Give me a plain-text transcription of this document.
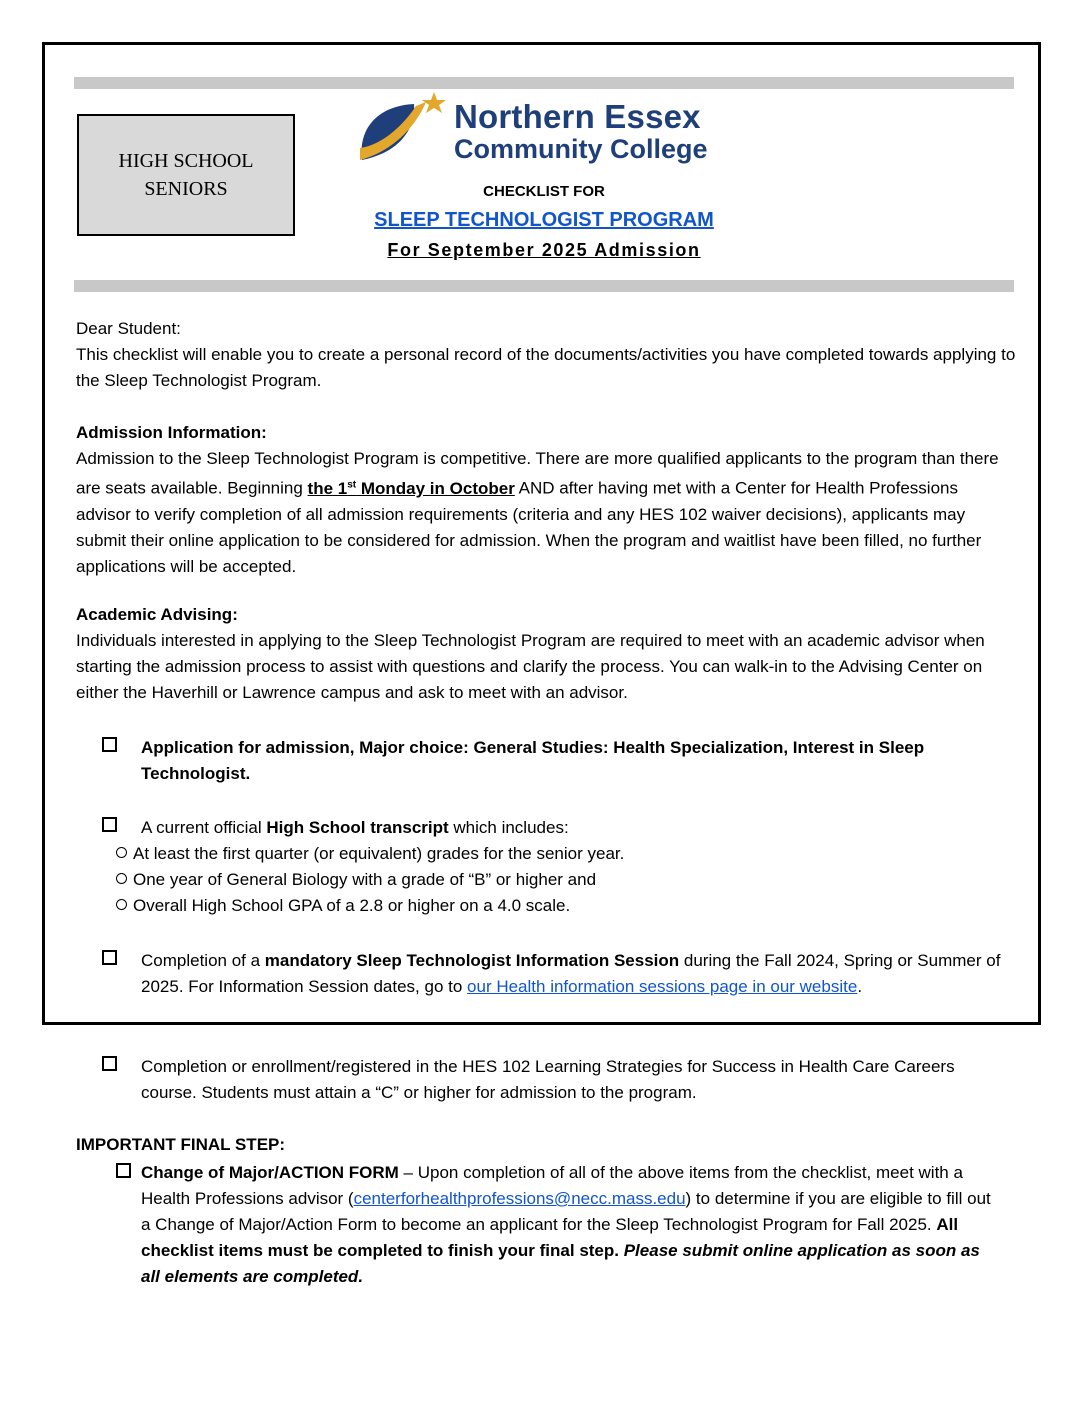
HIGH SCHOOL
SENIORS
Northern Essex
Community College
CHECKLIST FOR
SLEEP TECHNOLOGIST PROGRAM
For September 2025 Admission
Dear Student:
This checklist will enable you to create a personal record of the documents/activities you have completed towards applying to the Sleep Technologist Program.
Admission Information:
Admission to the Sleep Technologist Program is competitive. There are more qualified applicants to the program than there are seats available. Beginning the 1st Monday in October AND after having met with a Center for Health Professions advisor to verify completion of all admission requirements (criteria and any HES 102 waiver decisions), applicants may submit their online application to be considered for admission. When the program and waitlist have been filled, no further applications will be accepted.
Academic Advising:
Individuals interested in applying to the Sleep Technologist Program are required to meet with an academic advisor when starting the admission process to assist with questions and clarify the process. You can walk-in to the Advising Center on either the Haverhill or Lawrence campus and ask to meet with an advisor.
Application for admission, Major choice: General Studies: Health Specialization, Interest in Sleep Technologist.
A current official High School transcript which includes:
At least the first quarter (or equivalent) grades for the senior year.
One year of General Biology with a grade of “B” or higher and
Overall High School GPA of a 2.8 or higher on a 4.0 scale.
Completion of a mandatory Sleep Technologist Information Session during the Fall 2024, Spring or Summer of 2025. For Information Session dates, go to our Health information sessions page in our website.
Completion or enrollment/registered in the HES 102 Learning Strategies for Success in Health Care Careers course. Students must attain a “C” or higher for admission to the program.
IMPORTANT FINAL STEP:
Change of Major/ACTION FORM – Upon completion of all of the above items from the checklist, meet with a Health Professions advisor (centerforhealthprofessions@necc.mass.edu) to determine if you are eligible to fill out a Change of Major/Action Form to become an applicant for the Sleep Technologist Program for Fall 2025. All checklist items must be completed to finish your final step. Please submit online application as soon as all elements are completed.
